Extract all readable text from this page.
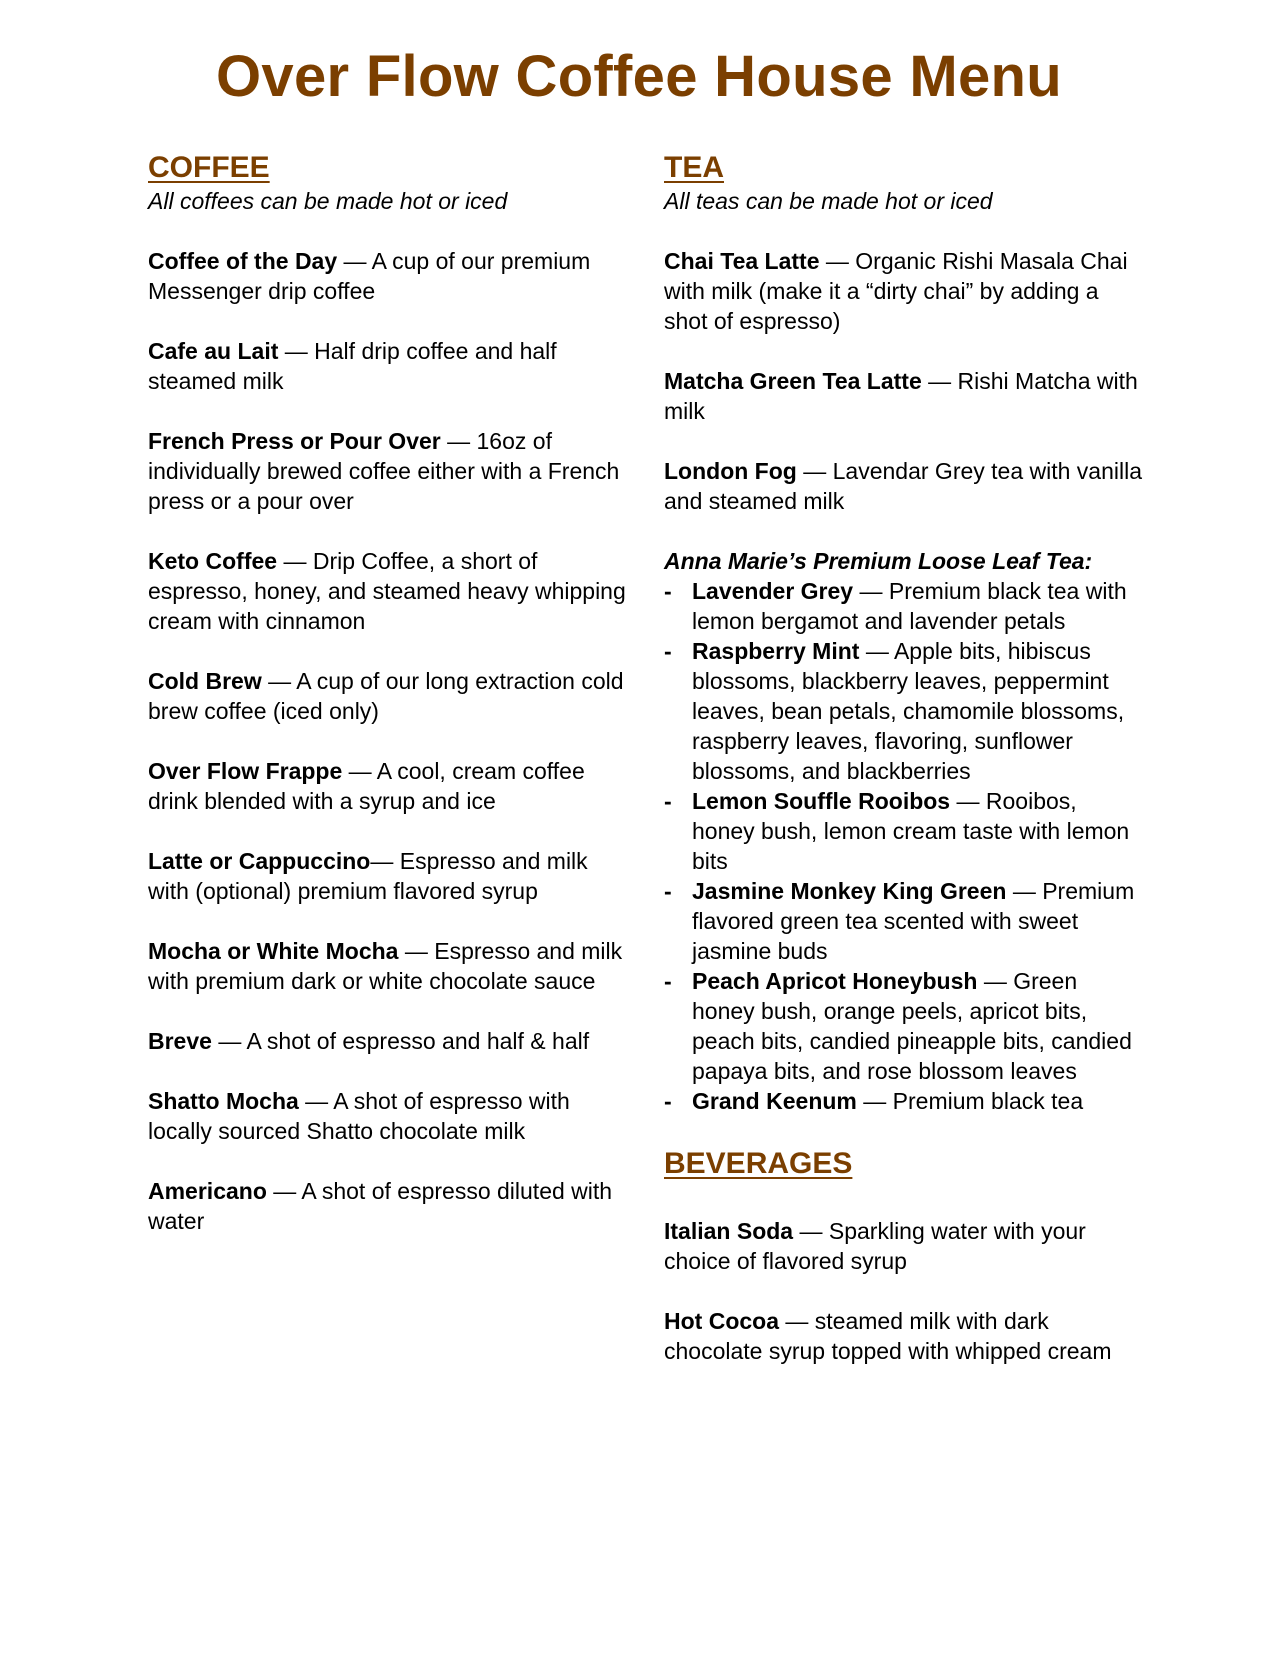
Over Flow Coffee House Menu
COFFEE

All coffees can be made hot or iced

Coffee of the Day — A cup of our premium Messenger drip coffee

Cafe au Lait — Half drip coffee and half steamed milk

French Press or Pour Over — 16oz of individually brewed coffee either with a French press or a pour over

Keto Coffee — Drip Coffee, a short of espresso, honey, and steamed heavy whipping cream with cinnamon

Cold Brew — A cup of our long extraction cold brew coffee (iced only)

Over Flow Frappe — A cool, cream coffee drink blended with a syrup and ice

Latte or Cappuccino— Espresso and milk with (optional) premium flavored syrup

Mocha or White Mocha — Espresso and milk with premium dark or white chocolate sauce

Breve — A shot of espresso and half & half

Shatto Mocha — A shot of espresso with locally sourced Shatto chocolate milk

Americano — A shot of espresso diluted with water

TEA

All teas can be made hot or iced

Chai Tea Latte — Organic Rishi Masala Chai with milk (make it a “dirty chai” by adding a shot of espresso)

Matcha Green Tea Latte — Rishi Matcha with milk

London Fog — Lavendar Grey tea with vanilla and steamed milk

Anna Marie’s Premium Loose Leaf Tea:

- Lavender Grey — Premium black tea with lemon bergamot and lavender petals
- Raspberry Mint — Apple bits, hibiscus blossoms, blackberry leaves, peppermint leaves, bean petals, chamomile blossoms, raspberry leaves, flavoring, sunflower blossoms, and blackberries
- Lemon Souffle Rooibos — Rooibos, honey bush, lemon cream taste with lemon bits
- Jasmine Monkey King Green — Premium flavored green tea scented with sweet jasmine buds
- Peach Apricot Honeybush — Green honey bush, orange peels, apricot bits, peach bits, candied pineapple bits, candied papaya bits, and rose blossom leaves
- Grand Keenum — Premium black tea
BEVERAGES

Italian Soda — Sparkling water with your choice of flavored syrup

Hot Cocoa — steamed milk with dark chocolate syrup topped with whipped cream
